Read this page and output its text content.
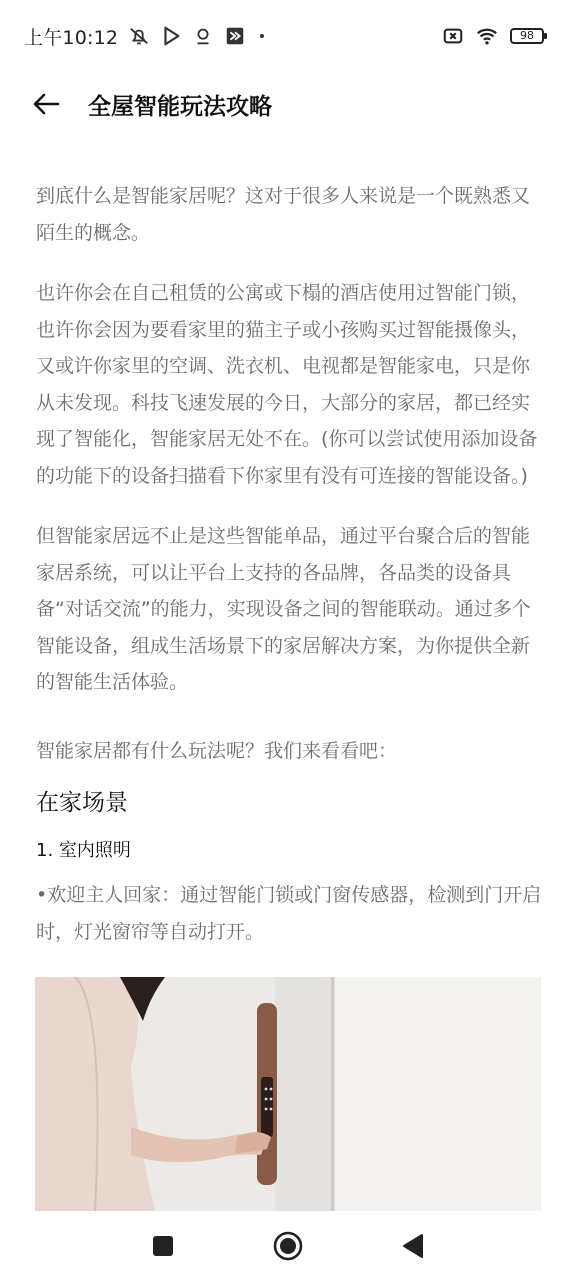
上午10:12	98
全屋智能玩法攻略

到底什么是智能家居呢？这对于很多人来说是一个既熟悉又陌生的概念。

也许你会在自己租赁的公寓或下榻的酒店使用过智能门锁，也许你会因为要看家里的猫主子或小孩购买过智能摄像头，又或许你家里的空调、洗衣机、电视都是智能家电，只是你从未发现。科技飞速发展的今日，大部分的家居，都已经实现了智能化，智能家居无处不在。(你可以尝试使用添加设备的功能下的设备扫描看下你家里有没有可连接的智能设备。)

但智能家居远不止是这些智能单品，通过平台聚合后的智能家居系统，可以让平台上支持的各品牌，各品类的设备具备“对话交流”的能力，实现设备之间的智能联动。通过多个智能设备，组成生活场景下的家居解决方案，为你提供全新的智能生活体验。

智能家居都有什么玩法呢？我们来看看吧：

在家场景
1. 室内照明

•欢迎主人回家：通过智能门锁或门窗传感器，检测到门开启时，灯光窗帘等自动打开。
